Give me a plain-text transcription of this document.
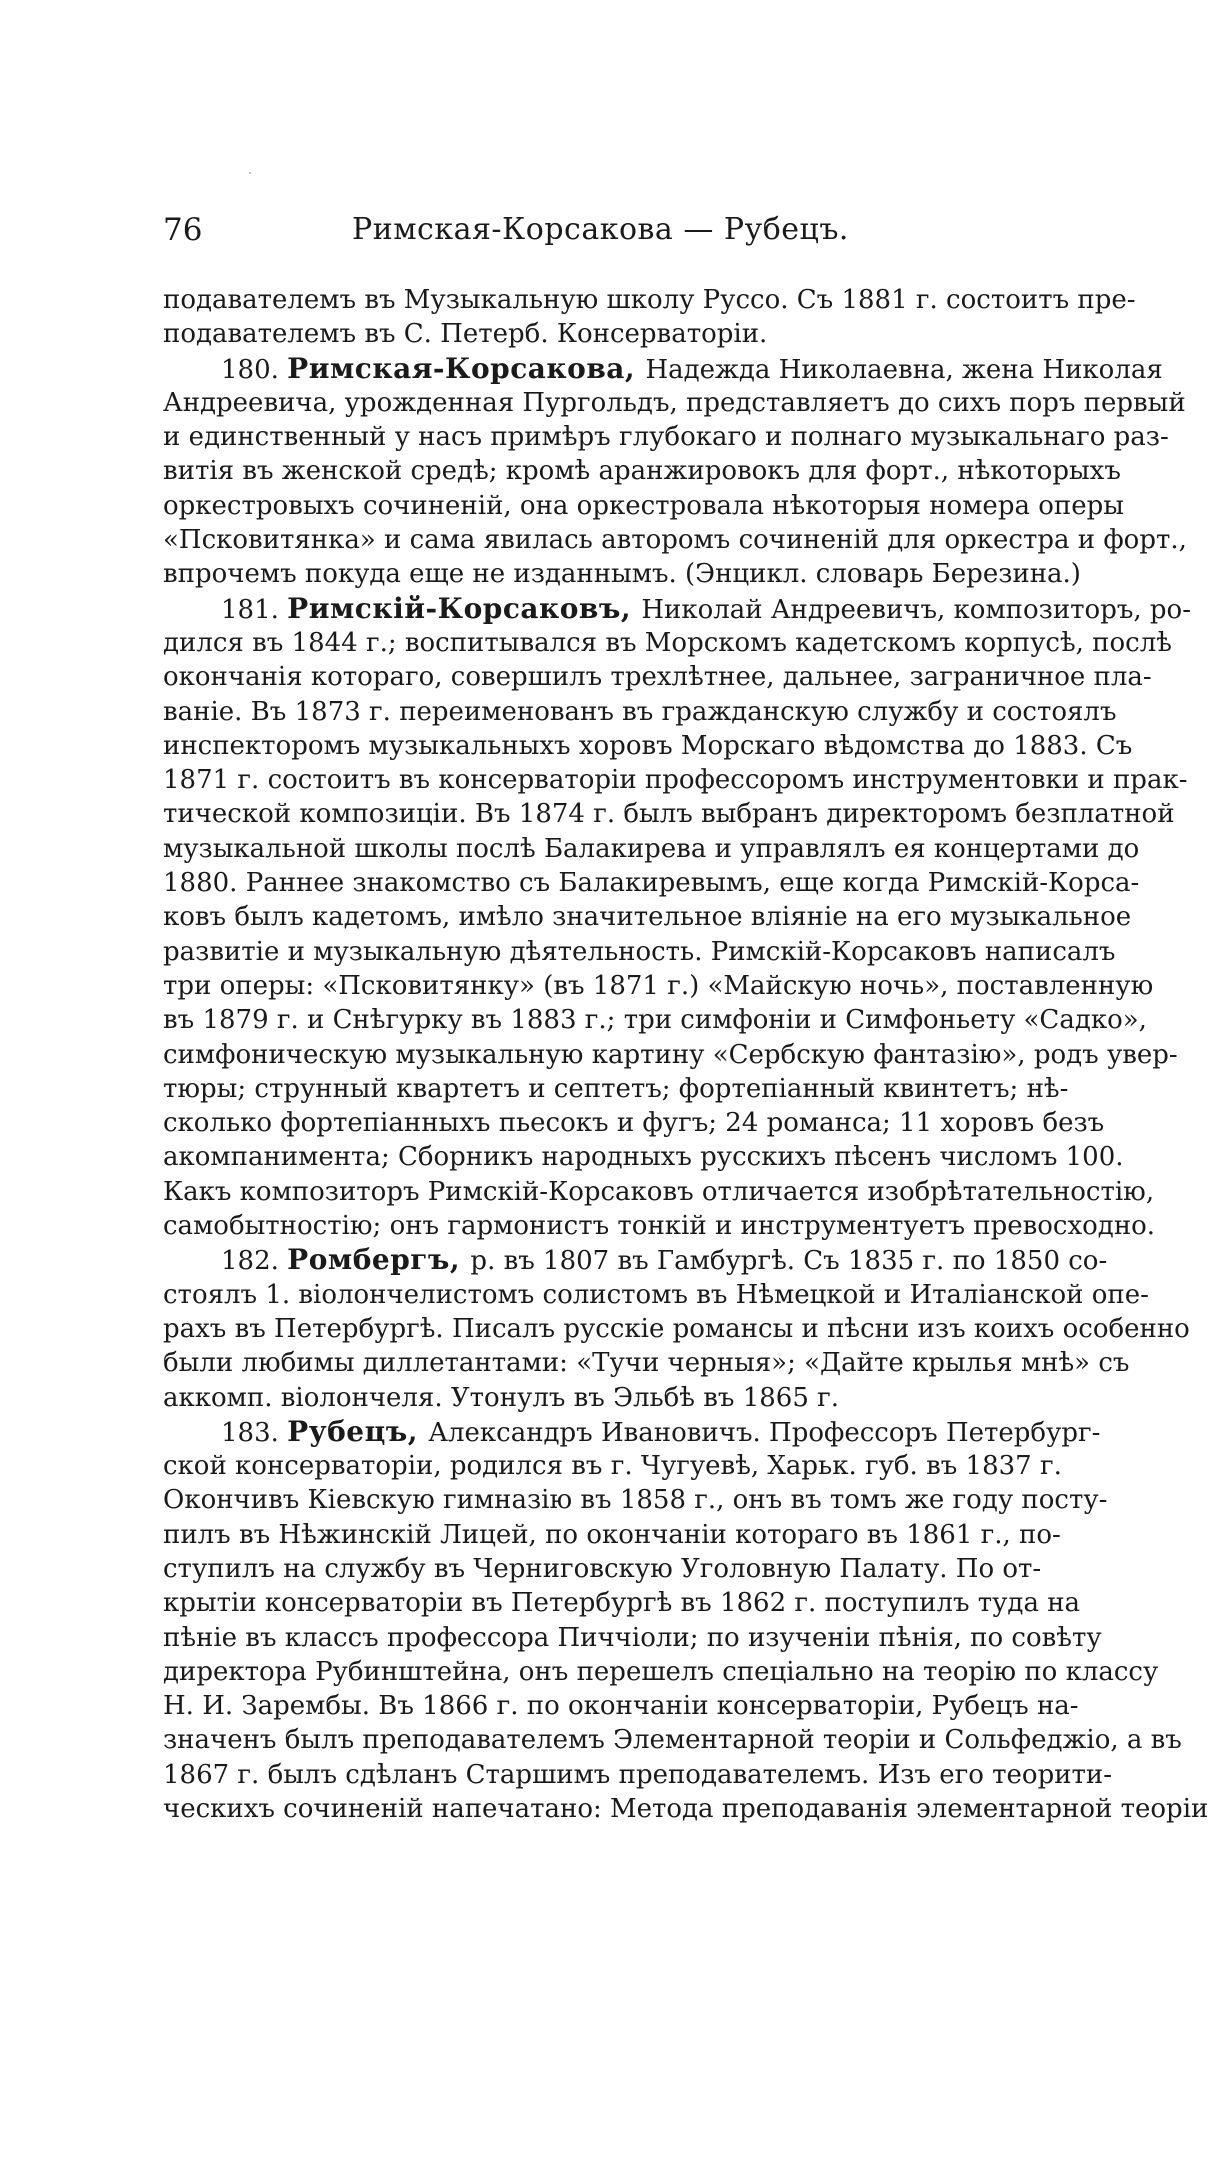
76	Римская-Корсакова — Рубецъ.
подавателемъ въ Музыкальную школу Руссо. Съ 1881 г. состоитъ пре-
подавателемъ въ С. Петерб. Консерваторіи.
180. Римская-Корсакова, Надежда Николаевна, жена Николая
Андреевича, урожденная Пургольдъ, представляетъ до сихъ поръ первый
и единственный у насъ примѣръ глубокаго и полнаго музыкальнаго раз-
витія въ женской средѣ; кромѣ аранжировокъ для форт., нѣкоторыхъ
оркестровыхъ сочиненій, она оркестровала нѣкоторыя номера оперы
«Псковитянка» и сама явилась авторомъ сочиненій для оркестра и форт.,
впрочемъ покуда еще не изданнымъ. (Энцикл. словарь Березина.)
181. Римскій-Корсаковъ, Николай Андреевичъ, композиторъ, ро-
дился въ 1844 г.; воспитывался въ Морскомъ кадетскомъ корпусѣ, послѣ
окончанія котораго, совершилъ трехлѣтнее, дальнее, заграничное пла-
ваніе. Въ 1873 г. переименованъ въ гражданскую службу и состоялъ
инспекторомъ музыкальныхъ хоровъ Морскаго вѣдомства до 1883. Съ
1871 г. состоитъ въ консерваторіи профессоромъ инструментовки и прак-
тической композиціи. Въ 1874 г. былъ выбранъ директоромъ безплатной
музыкальной школы послѣ Балакирева и управлялъ ея концертами до
1880. Раннее знакомство съ Балакиревымъ, еще когда Римскій-Корса-
ковъ былъ кадетомъ, имѣло значительное вліяніе на его музыкальное
развитіе и музыкальную дѣятельность. Римскій-Корсаковъ написалъ
три оперы: «Псковитянку» (въ 1871 г.) «Майскую ночь», поставленную
въ 1879 г. и Снѣгурку въ 1883 г.; три симфоніи и Симфоньету «Садко»,
симфоническую музыкальную картину «Сербскую фантазію», родъ увер-
тюры; струнный квартетъ и септетъ; фортепіанный квинтетъ; нѣ-
сколько фортепіанныхъ пьесокъ и фугъ; 24 романса; 11 хоровъ безъ
акомпанимента; Сборникъ народныхъ русскихъ пѣсенъ числомъ 100.
Какъ композиторъ Римскій-Корсаковъ отличается изобрѣтательностію,
самобытностію; онъ гармонистъ тонкій и инструментуетъ превосходно.
182. Ромбергъ, р. въ 1807 въ Гамбургѣ. Съ 1835 г. по 1850 со-
стоялъ 1. віолончелистомъ солистомъ въ Нѣмецкой и Италіанской опе-
рахъ въ Петербургѣ. Писалъ русскіе романсы и пѣсни изъ коихъ особенно
были любимы диллетантами: «Тучи черныя»; «Дайте крылья мнѣ» съ
аккомп. віолончеля. Утонулъ въ Эльбѣ въ 1865 г.
183. Рубецъ, Александръ Ивановичъ. Профессоръ Петербург-
ской консерваторіи, родился въ г. Чугуевѣ, Харьк. губ. въ 1837 г.
Окончивъ Кіевскую гимназію въ 1858 г., онъ въ томъ же году посту-
пилъ въ Нѣжинскій Лицей, по окончаніи котораго въ 1861 г., по-
ступилъ на службу въ Черниговскую Уголовную Палату. По от-
крытіи консерваторіи въ Петербургѣ въ 1862 г. поступилъ туда на
пѣніе въ классъ профессора Пиччіоли; по изученіи пѣнія, по совѣту
директора Рубинштейна, онъ перешелъ спеціально на теорію по классу
Н. И. Зарембы. Въ 1866 г. по окончаніи консерваторіи, Рубецъ на-
значенъ былъ преподавателемъ Элементарной теоріи и Сольфеджіо, а въ
1867 г. былъ сдѣланъ Старшимъ преподавателемъ. Изъ его теорити-
ческихъ сочиненій напечатано: Метода преподаванія элементарной теоріи
